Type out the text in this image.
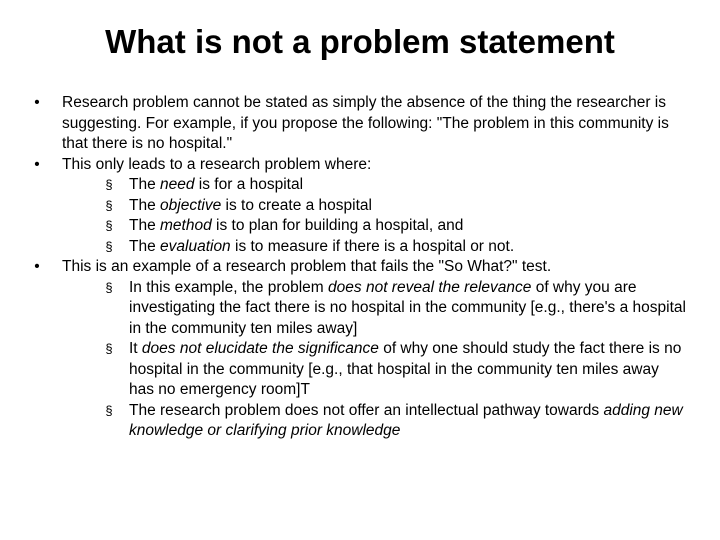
What is not a problem statement

• Research problem cannot be stated as simply the absence of the thing the researcher is suggesting. For example, if you propose the following: "The problem in this community is that there is no hospital."

• This only leads to a research problem where:

§ The need is for a hospital

§ The objective is to create a hospital

§ The method is to plan for building a hospital, and

§ The evaluation is to measure if there is a hospital or not.

• This is an example of a research problem that fails the "So What?" test.

§ In this example, the problem does not reveal the relevance of why you are investigating the fact there is no hospital in the community [e.g., there's a hospital in the community ten miles away]

§ It does not elucidate the significance of why one should study the fact there is no hospital in the community [e.g., that hospital in the community ten miles away has no emergency room]T

§ The research problem does not offer an intellectual pathway towards adding new knowledge or clarifying prior knowledge
